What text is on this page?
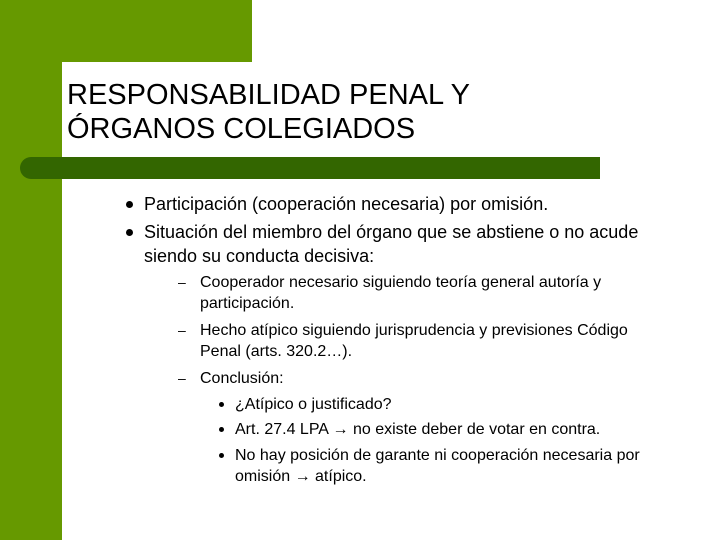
RESPONSABILIDAD PENAL Y
ÓRGANOS COLEGIADOS
Participación (cooperación necesaria) por omisión.
Situación del miembro del órgano que se abstiene o no acude siendo su conducta decisiva:
– Cooperador necesario siguiendo teoría general autoría y participación.
– Hecho atípico siguiendo jurisprudencia y previsiones Código Penal (arts. 320.2…).
– Conclusión:
¿Atípico o justificado?
Art. 27.4 LPA → no existe deber de votar en contra.
No hay posición de garante ni cooperación necesaria por omisión → atípico.
